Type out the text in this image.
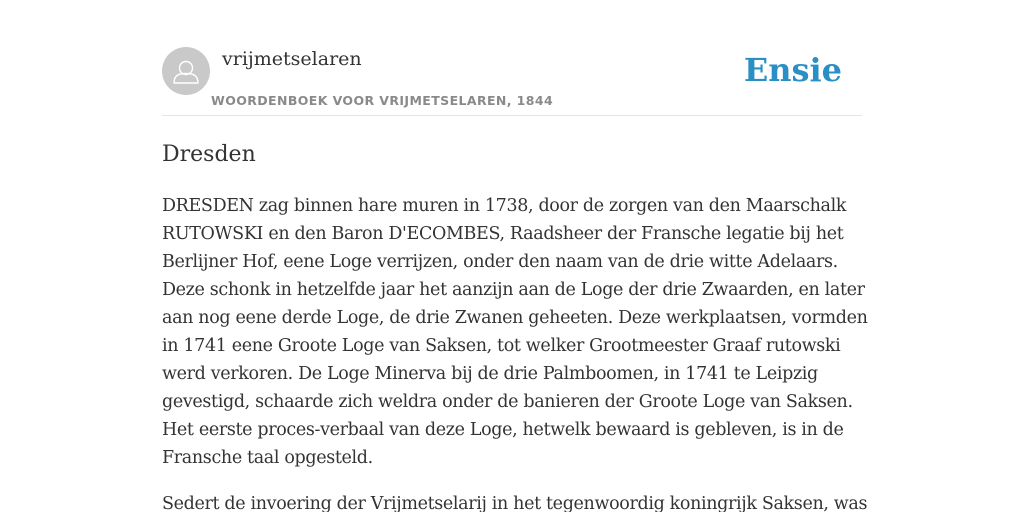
vrijmetselaren
WOORDENBOEK VOOR VRIJMETSELAREN, 1844
Ensie
Dresden

DRESDEN zag binnen hare muren in 1738, door de zorgen van den Maarschalk
RUTOWSKI en den Baron D'ECOMBES, Raadsheer der Fransche legatie bij het
Berlijner Hof, eene Loge verrijzen, onder den naam van de drie witte Adelaars.
Deze schonk in hetzelfde jaar het aanzijn aan de Loge der drie Zwaarden, en later
aan nog eene derde Loge, de drie Zwanen geheeten. Deze werkplaatsen, vormden
in 1741 eene Groote Loge van Saksen, tot welker Grootmeester Graaf rutowski
werd verkoren. De Loge Minerva bij de drie Palmboomen, in 1741 te Leipzig
gevestigd, schaarde zich weldra onder de banieren der Groote Loge van Saksen.
Het eerste proces-verbaal van deze Loge, hetwelk bewaard is gebleven, is in de
Fransche taal opgesteld.

Sedert de invoering der Vrijmetselarij in het tegenwoordig koningrijk Saksen, was
